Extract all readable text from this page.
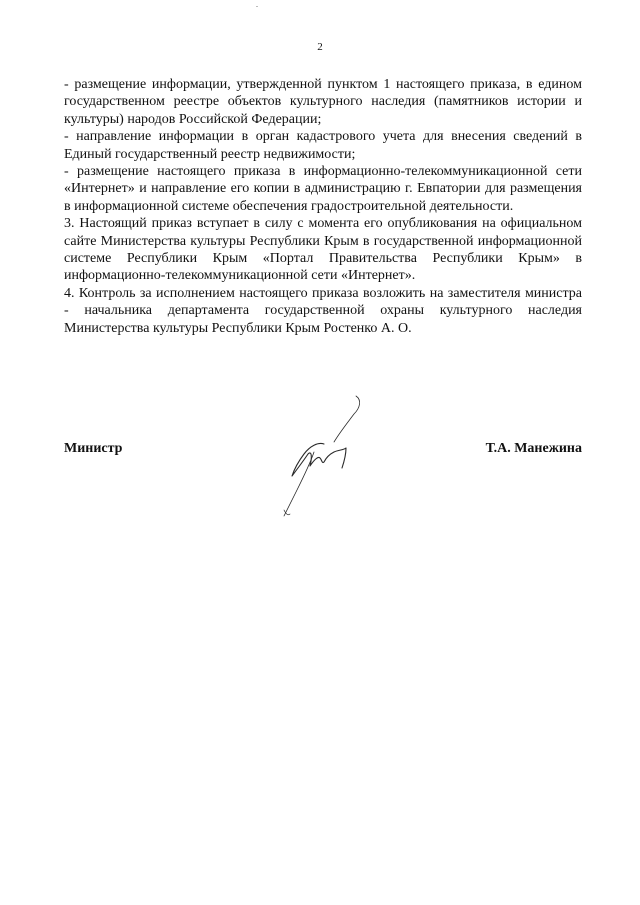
2

- размещение информации, утвержденной пунктом 1 настоящего приказа, в едином государственном реестре объектов культурного наследия (памятников истории и культуры) народов Российской Федерации;

- направление информации в орган кадастрового учета для внесения сведений в Единый государственный реестр недвижимости;

- размещение настоящего приказа в информационно-телекоммуникационной сети «Интернет» и направление его копии в администрацию г. Евпатории для размещения в информационной системе обеспечения градостроительной деятельности.

3. Настоящий приказ вступает в силу с момента его опубликования на официальном сайте Министерства культуры Республики Крым в государственной информационной системе Республики Крым «Портал Правительства Республики Крым» в информационно-телекоммуникационной сети «Интернет».

4. Контроль за исполнением настоящего приказа возложить на заместителя министра - начальника департамента государственной охраны культурного наследия Министерства культуры Республики Крым Ростенко А. О.

Министр	Т.А. Манежина
